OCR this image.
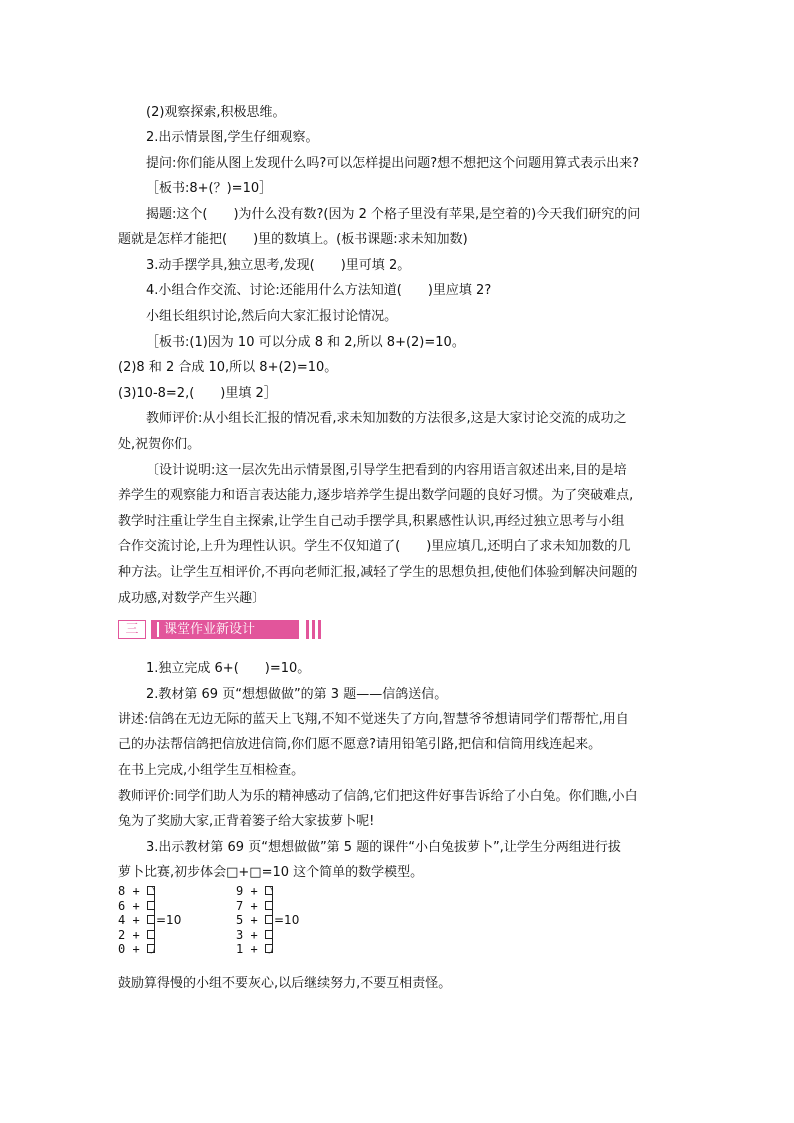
(2)观察探索,积极思维。
2.出示情景图,学生仔细观察。
提问:你们能从图上发现什么吗?可以怎样提出问题?想不想把这个问题用算式表示出来?
［板书:8+(？)=10］
揭题:这个(　　)为什么没有数?(因为 2 个格子里没有苹果,是空着的)今天我们研究的问
题就是怎样才能把(　　)里的数填上。(板书课题:求未知加数)
3.动手摆学具,独立思考,发现(　　)里可填 2。
4.小组合作交流、讨论:还能用什么方法知道(　　)里应填 2?
小组长组织讨论,然后向大家汇报讨论情况。
［板书:(1)因为 10 可以分成 8 和 2,所以 8+(2)=10。
(2)8 和 2 合成 10,所以 8+(2)=10。
(3)10-8=2,(　　)里填 2］
教师评价:从小组长汇报的情况看,求未知加数的方法很多,这是大家讨论交流的成功之
处,祝贺你们。
〔设计说明:这一层次先出示情景图,引导学生把看到的内容用语言叙述出来,目的是培
养学生的观察能力和语言表达能力,逐步培养学生提出数学问题的良好习惯。为了突破难点,
教学时注重让学生自主探索,让学生自己动手摆学具,积累感性认识,再经过独立思考与小组
合作交流讨论,上升为理性认识。学生不仅知道了(　　)里应填几,还明白了求未知加数的几
种方法。让学生互相评价,不再向老师汇报,减轻了学生的思想负担,使他们体验到解决问题的
成功感,对数学产生兴趣〕
三	课堂作业新设计
1.独立完成 6+(　　)=10。
2.教材第 69 页“想想做做”的第 3 题——信鸽送信。
讲述:信鸽在无边无际的蓝天上飞翔,不知不觉迷失了方向,智慧爷爷想请同学们帮帮忙,用自
己的办法帮信鸽把信放进信筒,你们愿不愿意?请用铅笔引路,把信和信筒用线连起来。
在书上完成,小组学生互相检查。
教师评价:同学们助人为乐的精神感动了信鸽,它们把这件好事告诉给了小白兔。你们瞧,小白
兔为了奖励大家,正背着篓子给大家拔萝卜呢!
3.出示教材第 69 页“想想做做”第 5 题的课件“小白兔拔萝卜”,让学生分两组进行拔
萝卜比赛,初步体会□+□=10 这个简单的数学模型。
8 +
6 +
4 +
2 +
0 +
=10
9 +
7 +
5 +
3 +
1 +
=10
鼓励算得慢的小组不要灰心,以后继续努力,不要互相责怪。
